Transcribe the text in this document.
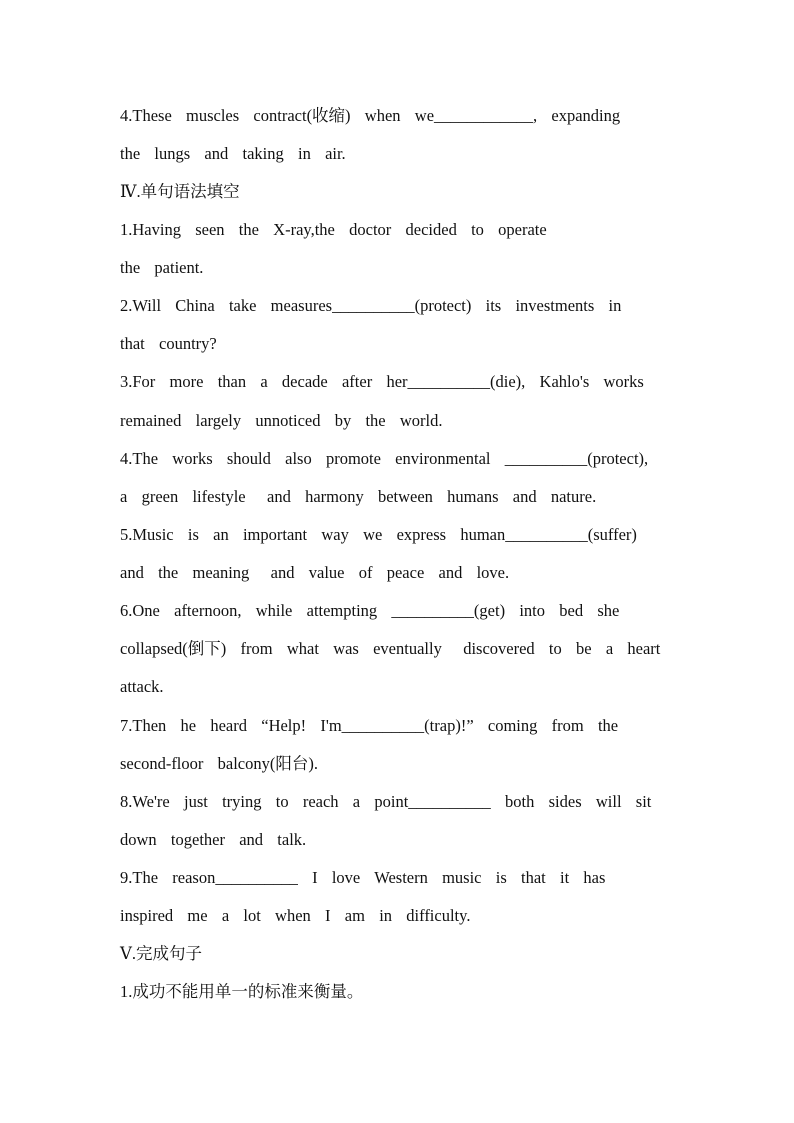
4.These  muscles  contract(收缩)  when  we____________,  expanding
the  lungs  and  taking  in  air.
Ⅳ.单句语法填空
1.Having  seen  the  X-ray,the  doctor  decided  to  operate
the  patient.
2.Will  China  take  measures__________(protect)  its  investments  in
that  country?
3.For  more  than  a  decade  after  her__________(die),  Kahlo's  works
remained  largely  unnoticed  by  the  world.
4.The  works  should  also  promote  environmental  __________(protect),
a  green  lifestyle   and  harmony  between  humans  and  nature.
5.Music  is  an  important  way  we  express  human__________(suffer)
and  the  meaning   and  value  of  peace  and  love.
6.One  afternoon,  while  attempting  __________(get)  into  bed  she
collapsed(倒下)  from  what  was  eventually   discovered  to  be  a  heart
attack.
7.Then  he  heard  “Help!  I'm__________(trap)!”  coming  from  the
second-floor  balcony(阳台).
8.We're  just  trying  to  reach  a  point__________  both  sides  will  sit
down  together  and  talk.
9.The  reason__________  I  love  Western  music  is  that  it  has
inspired  me  a  lot  when  I  am  in  difficulty.
Ⅴ.完成句子
1.成功不能用单一的标准来衡量。
